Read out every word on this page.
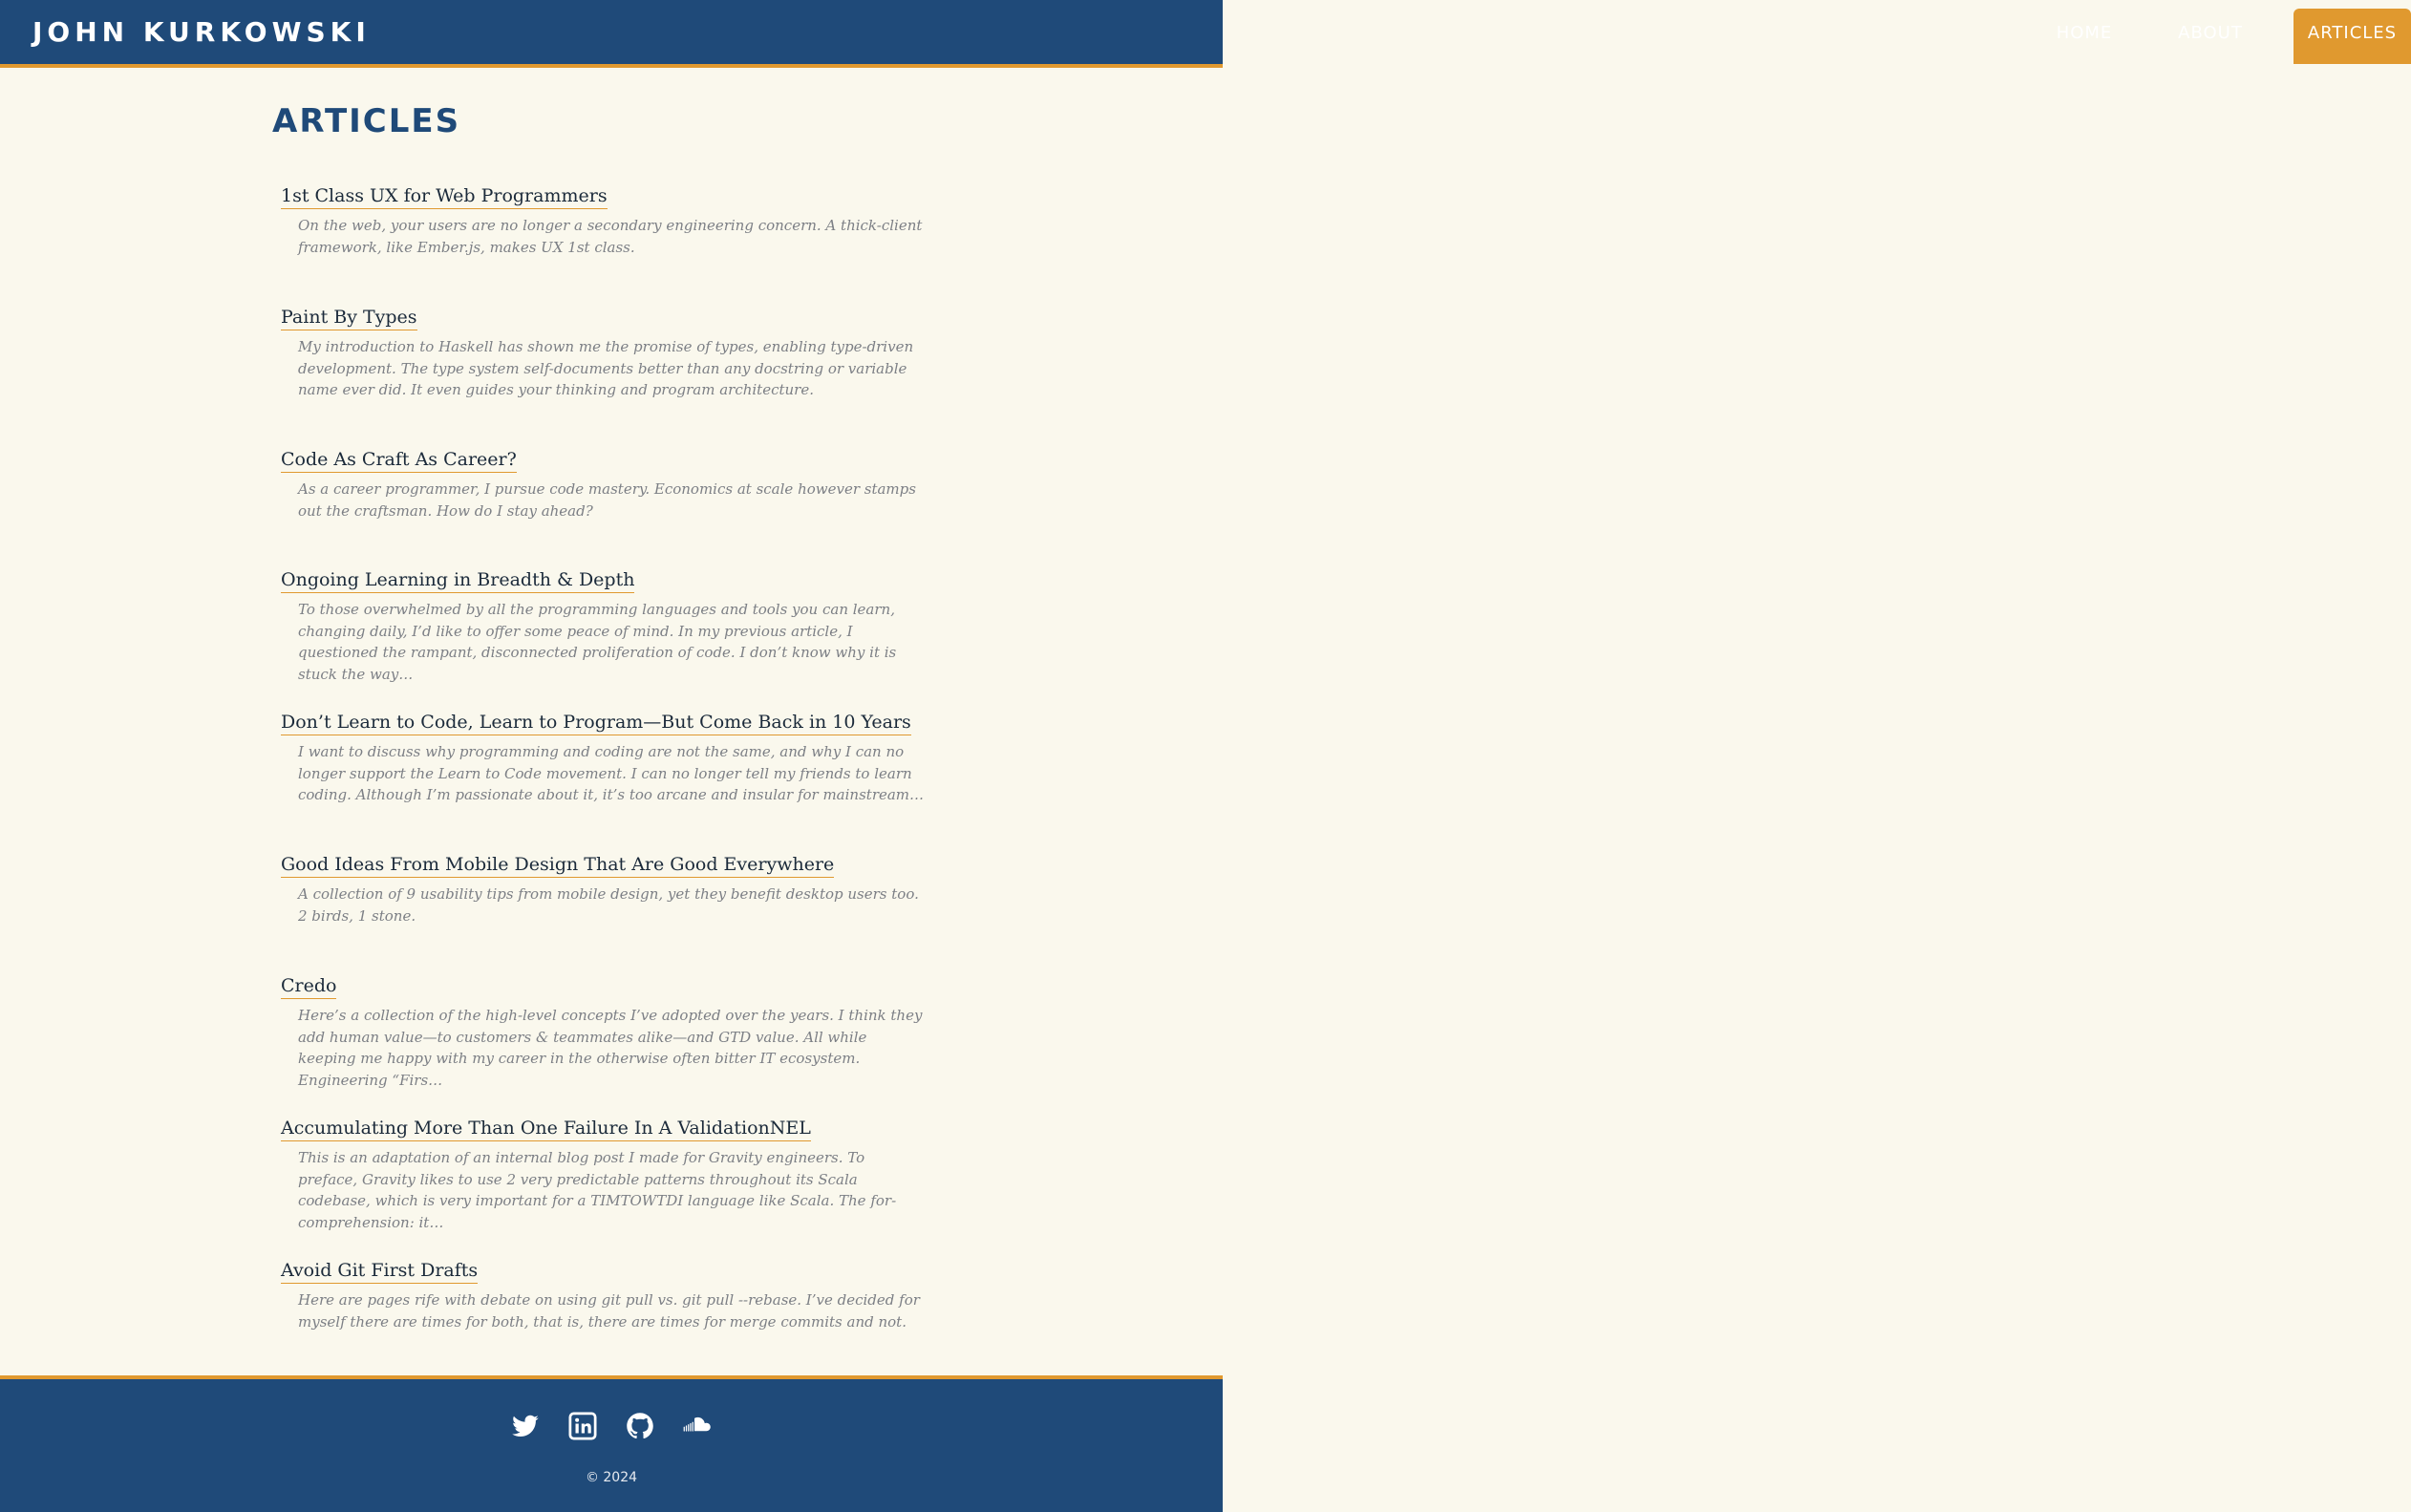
JOHN KURKOWSKI	HOME	ABOUT	ARTICLES
ARTICLES
1st Class UX for Web Programmers

On the web, your users are no longer a secondary engineering concern. A thick-client framework, like Ember.js, makes UX 1st class.

Paint By Types

My introduction to Haskell has shown me the promise of types, enabling type-driven development. The type system self-documents better than any docstring or variable name ever did. It even guides your thinking and program architecture.

Code As Craft As Career?

As a career programmer, I pursue code mastery. Economics at scale however stamps out the craftsman. How do I stay ahead?

Ongoing Learning in Breadth & Depth

To those overwhelmed by all the programming languages and tools you can learn, changing daily, I’d like to offer some peace of mind. In my previous article, I questioned the rampant, disconnected proliferation of code. I don’t know why it is stuck the way…

Don’t Learn to Code, Learn to Program—But Come Back in 10 Years

I want to discuss why programming and coding are not the same, and why I can no longer support the Learn to Code movement. I can no longer tell my friends to learn coding. Although I’m passionate about it, it’s too arcane and insular for mainstream…

Good Ideas From Mobile Design That Are Good Everywhere

A collection of 9 usability tips from mobile design, yet they benefit desktop users too. 2 birds, 1 stone.

Credo

Here’s a collection of the high-level concepts I’ve adopted over the years. I think they add human value—to customers & teammates alike—and GTD value. All while keeping me happy with my career in the otherwise often bitter IT ecosystem. Engineering “Firs…

Accumulating More Than One Failure In A ValidationNEL

This is an adaptation of an internal blog post I made for Gravity engineers. To preface, Gravity likes to use 2 very predictable patterns throughout its Scala codebase, which is very important for a TIMTOWTDI language like Scala. The for-comprehension: it…

Avoid Git First Drafts

Here are pages rife with debate on using git pull vs. git pull --rebase. I’ve decided for myself there are times for both, that is, there are times for merge commits and not.

© 2024
